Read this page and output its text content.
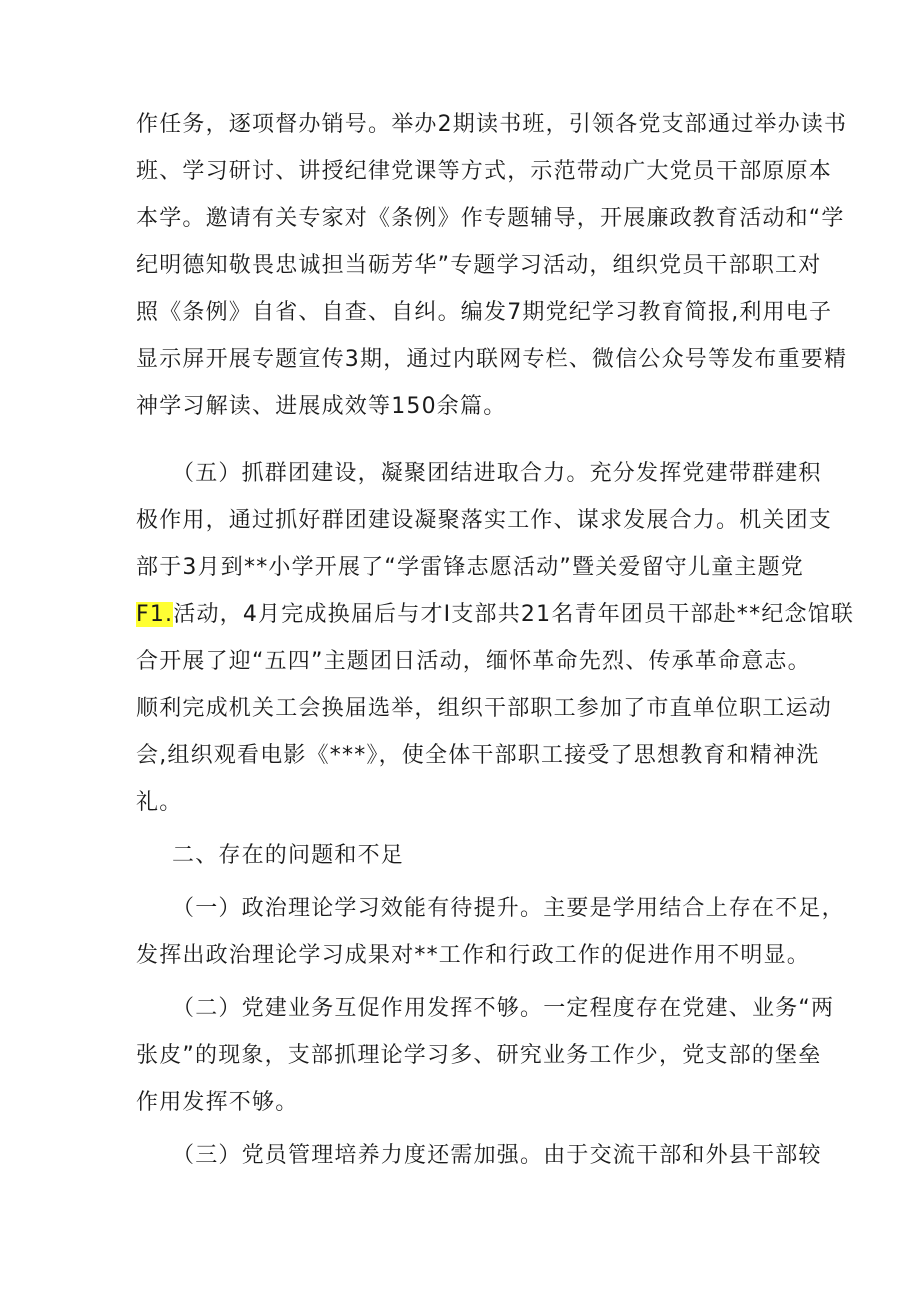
作任务，逐项督办销号。举办2期读书班，引领各党支部通过举办读书
班、学习研讨、讲授纪律党课等方式，示范带动广大党员干部原原本
本学。邀请有关专家对《条例》作专题辅导，开展廉政教育活动和“学
纪明德知敬畏忠诚担当砺芳华”专题学习活动，组织党员干部职工对
照《条例》自省、自查、自纠。编发7期党纪学习教育简报,利用电子
显示屏开展专题宣传3期，通过内联网专栏、微信公众号等发布重要精
神学习解读、进展成效等150余篇。
（五）抓群团建设，凝聚团结进取合力。充分发挥党建带群建积
极作用，通过抓好群团建设凝聚落实工作、谋求发展合力。机关团支
部于3月到**小学开展了“学雷锋志愿活动”暨关爱留守儿童主题党
F1.活动，4月完成换届后与才I支部共21名青年团员干部赴**纪念馆联
合开展了迎“五四”主题团日活动，缅怀革命先烈、传承革命意志。
顺利完成机关工会换届选举，组织干部职工参加了市直单位职工运动
会,组织观看电影《***》，使全体干部职工接受了思想教育和精神洗
礼。
二、存在的问题和不足
（一）政治理论学习效能有待提升。主要是学用结合上存在不足，
发挥出政治理论学习成果对**工作和行政工作的促进作用不明显。
（二）党建业务互促作用发挥不够。一定程度存在党建、业务“两
张皮”的现象，支部抓理论学习多、研究业务工作少，党支部的堡垒
作用发挥不够。
（三）党员管理培养力度还需加强。由于交流干部和外县干部较
